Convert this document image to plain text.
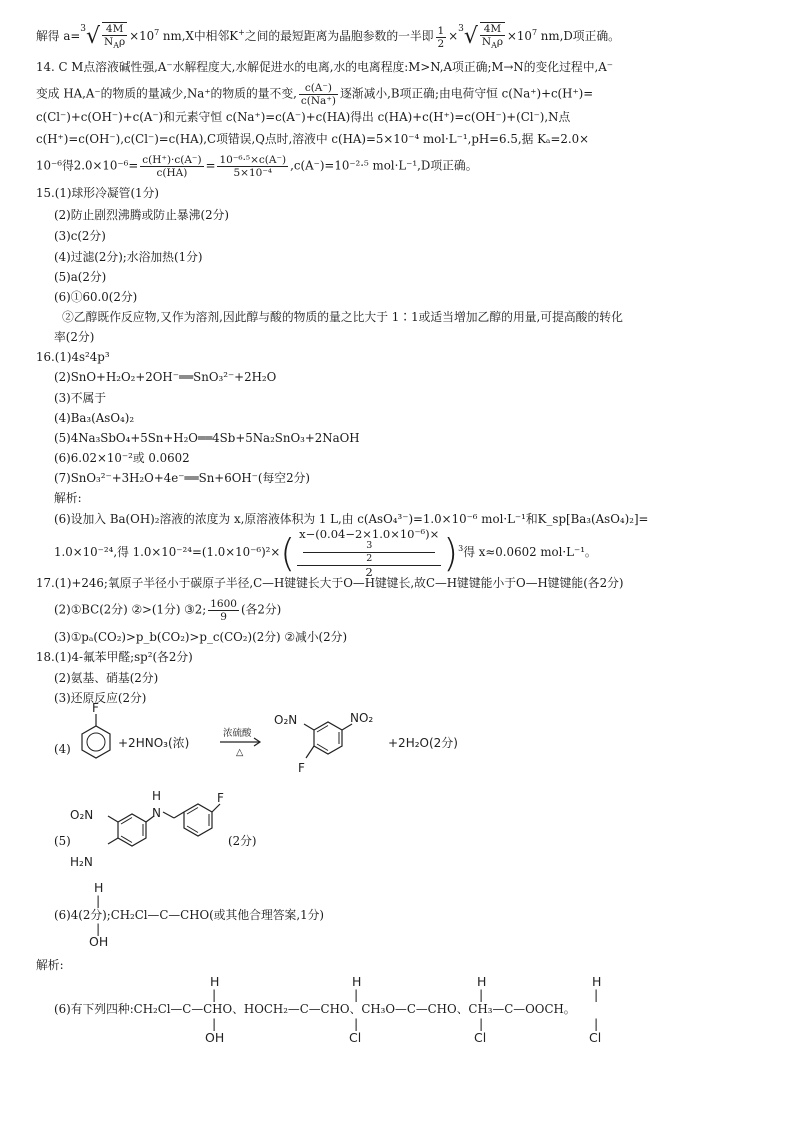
解得 $a=^3√ \frac{4M}{N_A\rho} \times 10^7$ nm,X中相邻K+之间的最短距离为晶胞参数的一半即 $\frac{1}{2} \times^3√ \frac{4M}{N_A\rho} \times 10^7$ nm,D项正确。
14. C M点溶液碱性强,A⁻水解程度大,水解促进水的电离,水的电离程度:M>N,A项正确;M→N的变化过程中,A⁻
变成 HA,A⁻的物质的量减少,Na⁺的物质的量不变, $\frac{c(A^-)}{c(Na^+)}$ 逐渐减小,B项正确;由电荷守恒 c(Na⁺)+c(H⁺)=
c(Cl⁻)+c(OH⁻)+c(A⁻)和元素守恒 c(Na⁺)=c(A⁻)+c(HA)得出 c(HA)+c(H⁺)=c(OH⁻)+(Cl⁻),N点
c(H⁺)=c(OH⁻),c(Cl⁻)=c(HA),C项错误,Q点时,溶液中 c(HA)=5×10⁻⁴ mol·L⁻¹,pH=6.5,据 Kₐ=2.0×
10⁻⁶得$2.0\times 10^{-6}= \frac{c(H^+)\cdot c(A^-)}{c(HA)} = \frac{\text{10⁻⁶·⁵×c(A⁻)}}{\text{5×10⁻⁴}} ,c(A^-)=10^{-2}\cdot^5$ mol·L⁻¹,D项正确。
15.(1)球形冷凝管(1分)
(2)防止剧烈沸腾或防止暴沸(2分)
(3)c(2分)
(4)过滤(2分);水浴加热(1分)
(5)a(2分)
(6)①60.0(2分)
②乙醇既作反应物,又作为溶剂,因此醇与酸的物质的量之比大于 1∶1或适当增加乙醇的用量,可提高酸的转化
率(2分)
16.(1)4s²4p³
(2)SnO+H₂O₂+2OH⁻══SnO₃²⁻+2H₂O
(3)不属于
(4)Ba₃(AsO₄)₂
(5)4Na₃SbO₄+5Sn+H₂O══4Sb+5Na₂SnO₃+2NaOH
(6)6.02×10⁻²或 0.0602
(7)SnO₃²⁻+3H₂O+4e⁻══Sn+6OH⁻(每空2分)
解析:
(6)设加入 Ba(OH)₂溶液的浓度为 x,原溶液体积为 1 L,由 c(AsO₄³⁻)=1.0×10⁻⁶ mol·L⁻¹和K_sp[Ba₃(AsO₄)₂]=
1.0×10⁻²⁴,得 1.0×10⁻²⁴=(1.0×10⁻⁶)²×( x−(0.04−2×1.0×10⁻⁶)×
3
2
2 )$^3$得 x≈0.0602 mol·L⁻¹。
17.(1)+246;氧原子半径小于碳原子半径,C—H键键长大于O—H键键长,故C—H键键能小于O—H键键能(各2分)
(2)①BC(2分) ②>(1分) ③2; $\frac{1600}{9}$ (各2分)
(3)①pₐ(CO₂)>p_b(CO₂)>p_c(CO₂)(2分) ②减小(2分)
18.(1)4-氟苯甲醛;sp²(各2分)
(2)氨基、硝基(2分)
(3)还原反应(2分)
(4)
F
+2HNO₃(浓)
浓硫酸
△
O₂N	NO₂
F
+2H₂O(2分)
(5)
O₂N
H₂N
N
H	F
(2分)
H
|
(6)4(2分);CH₂Cl—C—CHO(或其他合理答案,1分)
|
OH
解析:
H	H	H	H
|	|	|	|
(6)有下列四种:CH₂Cl—C—CHO、HOCH₂—C—CHO、CH₃O—C—CHO、CH₃—C—OOCH。
|	|	|	|
OH	Cl	Cl	Cl
